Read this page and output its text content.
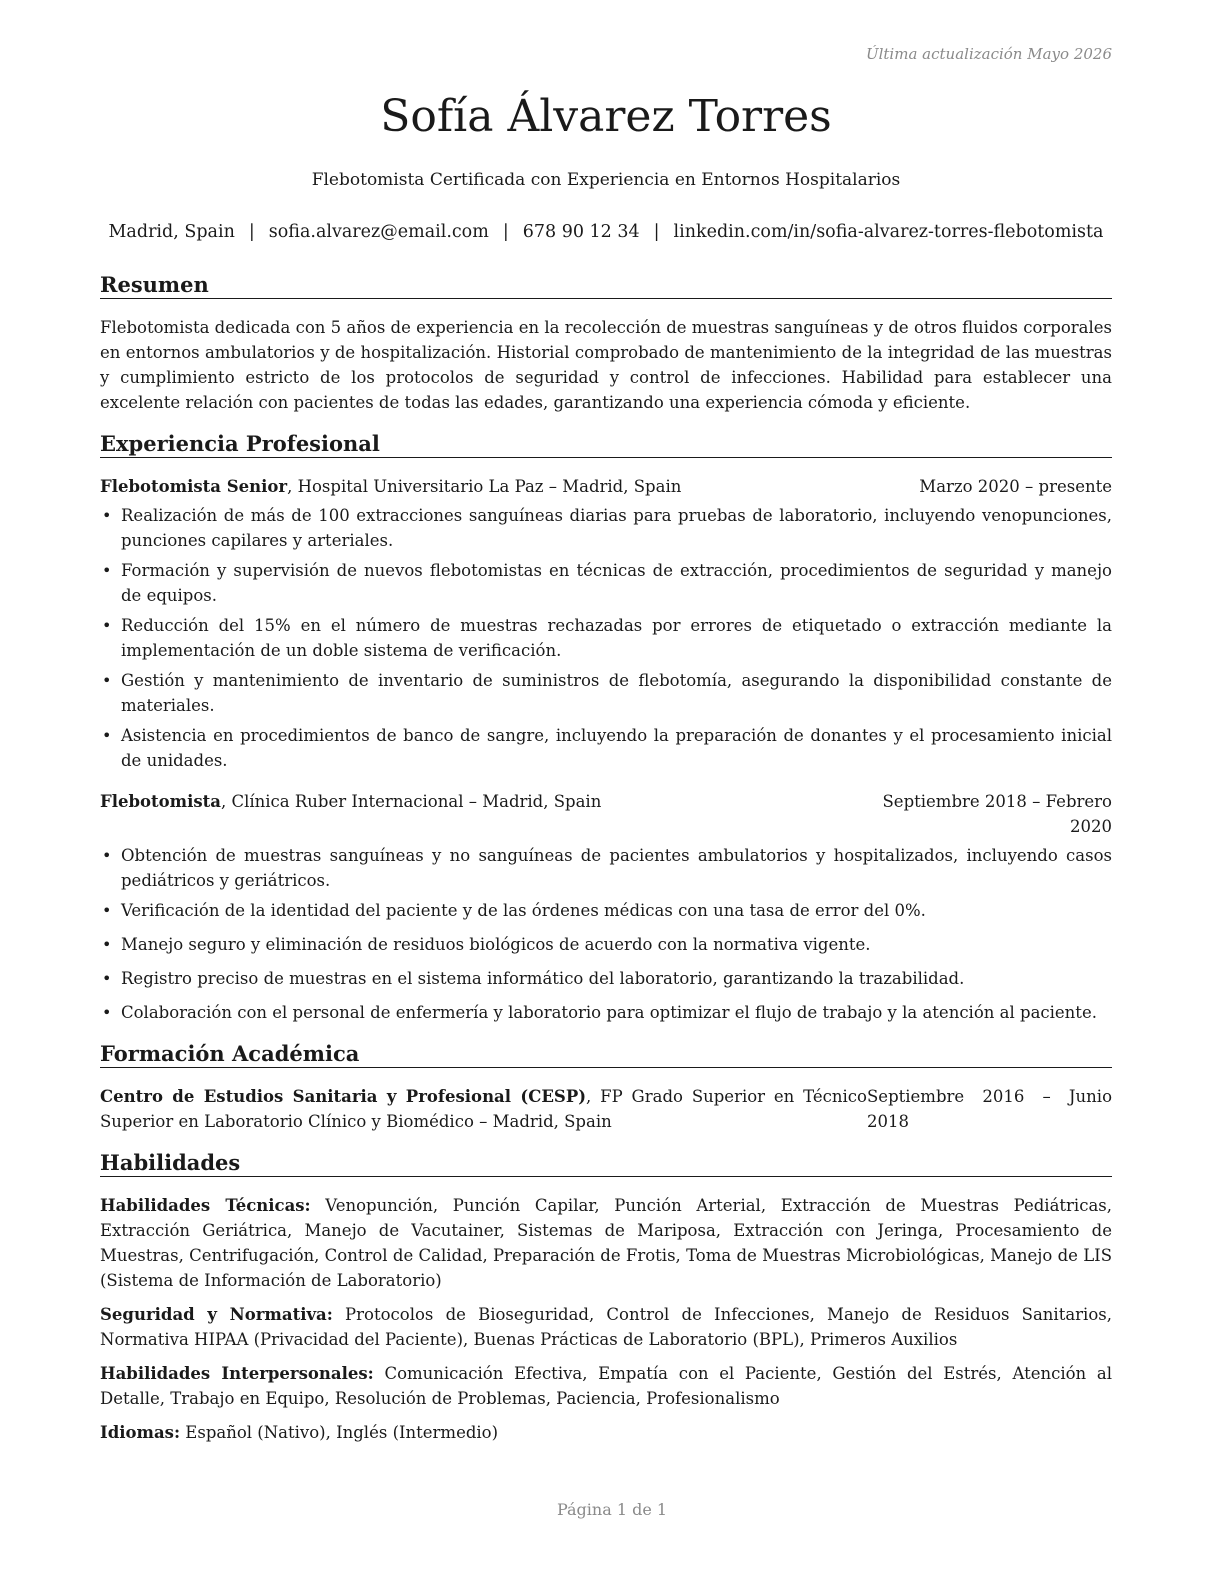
Última actualización Mayo 2026
Sofía Álvarez Torres
Flebotomista Certificada con Experiencia en Entornos Hospitalarios
Madrid, Spain | sofia.alvarez@email.com | 678 90 12 34 | linkedin.com/in/sofia-alvarez-torres-flebotomista
Resumen

Flebotomista dedicada con 5 años de experiencia en la recolección de muestras sanguíneas y de otros fluidos corporales en entornos ambulatorios y de hospitalización. Historial comprobado de mantenimiento de la integridad de las muestras y cumplimiento estricto de los protocolos de seguridad y control de infecciones. Habilidad para establecer una excelente relación con pacientes de todas las edades, garantizando una experiencia cómoda y eficiente.

Experiencia Profesional
Flebotomista Senior, Hospital Universitario La Paz – Madrid, Spain	Marzo 2020 – presente
• Realización de más de 100 extracciones sanguíneas diarias para pruebas de laboratorio, incluyendo venopunciones, punciones capilares y arteriales.
• Formación y supervisión de nuevos flebotomistas en técnicas de extracción, procedimientos de seguridad y manejo de equipos.
• Reducción del 15% en el número de muestras rechazadas por errores de etiquetado o extracción mediante la implementación de un doble sistema de verificación.
• Gestión y mantenimiento de inventario de suministros de flebotomía, asegurando la disponibilidad constante de materiales.
• Asistencia en procedimientos de banco de sangre, incluyendo la preparación de donantes y el procesamiento inicial de unidades.
Flebotomista, Clínica Ruber Internacional – Madrid, Spain	Septiembre 2018 – Febrero 2020
• Obtención de muestras sanguíneas y no sanguíneas de pacientes ambulatorios y hospitalizados, incluyendo casos pediátricos y geriátricos.
• Verificación de la identidad del paciente y de las órdenes médicas con una tasa de error del 0%.
• Manejo seguro y eliminación de residuos biológicos de acuerdo con la normativa vigente.
• Registro preciso de muestras en el sistema informático del laboratorio, garantizando la trazabilidad.
• Colaboración con el personal de enfermería y laboratorio para optimizar el flujo de trabajo y la atención al paciente.
Formación Académica
Centro de Estudios Sanitaria y Profesional (CESP), FP Grado Superior en Técnico Superior en Laboratorio Clínico y Biomédico – Madrid, Spain
Septiembre 2016 – Junio 2018
Habilidades

Habilidades Técnicas: Venopunción, Punción Capilar, Punción Arterial, Extracción de Muestras Pediátricas, Extracción Geriátrica, Manejo de Vacutainer, Sistemas de Mariposa, Extracción con Jeringa, Procesamiento de Muestras, Centrifugación, Control de Calidad, Preparación de Frotis, Toma de Muestras Microbiológicas, Manejo de LIS (Sistema de Información de Laboratorio)

Seguridad y Normativa: Protocolos de Bioseguridad, Control de Infecciones, Manejo de Residuos Sanitarios, Normativa HIPAA (Privacidad del Paciente), Buenas Prácticas de Laboratorio (BPL), Primeros Auxilios

Habilidades Interpersonales: Comunicación Efectiva, Empatía con el Paciente, Gestión del Estrés, Atención al Detalle, Trabajo en Equipo, Resolución de Problemas, Paciencia, Profesionalismo

Idiomas: Español (Nativo), Inglés (Intermedio)

Página 1 de 1
